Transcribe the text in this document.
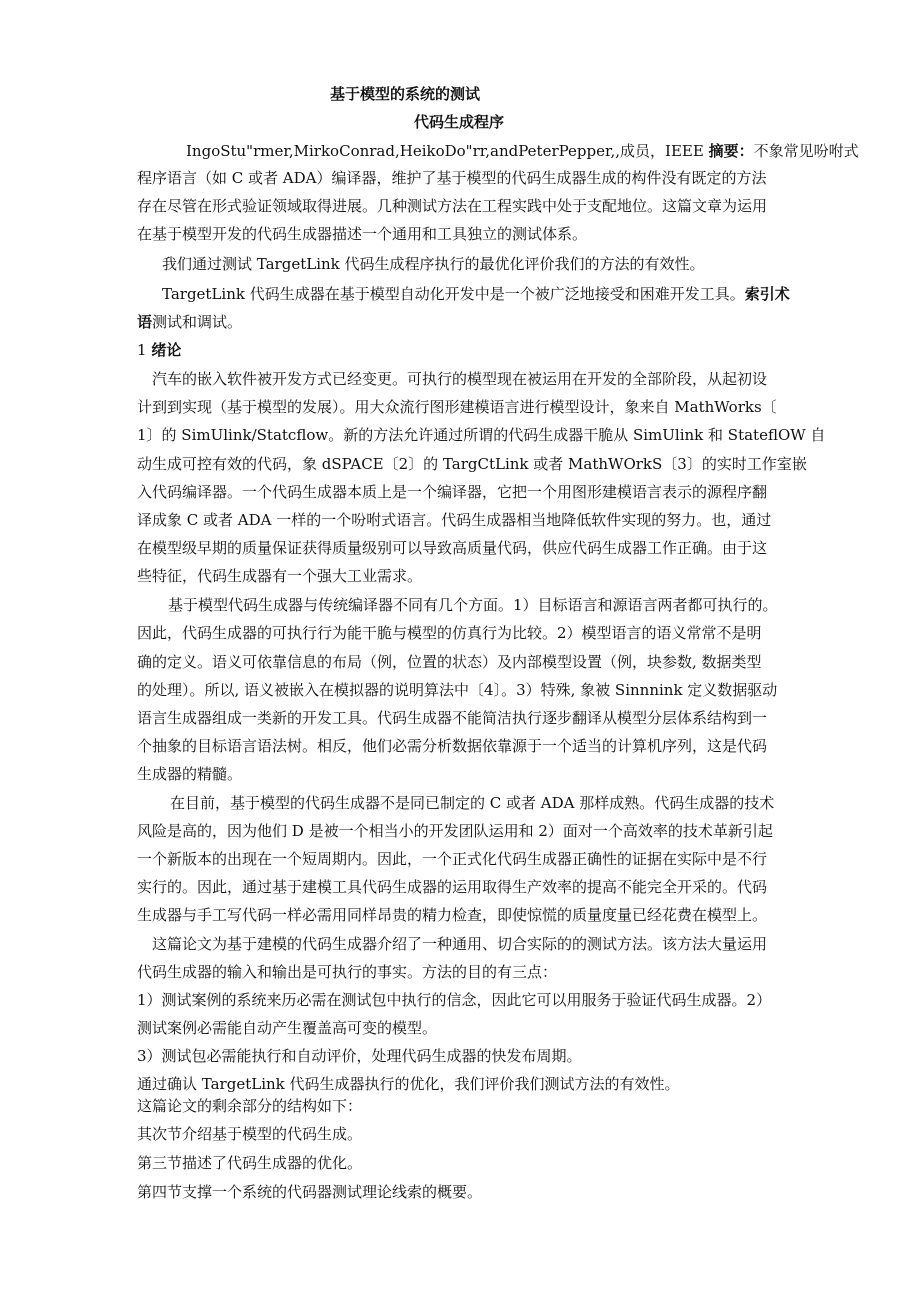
基于模型的系统的测试
代码生成程序
IngoStu"rmer,MirkoConrad,HeikoDo"rr,andPeterPepper,,成员，IEEE 摘要：不象常见吩咐式
程序语言（如 C 或者 ADA）编译器，维护了基于模型的代码生成器生成的构件没有既定的方法
存在尽管在形式验证领域取得进展。几种测试方法在工程实践中处于支配地位。这篇文章为运用
在基于模型开发的代码生成器描述一个通用和工具独立的测试体系。
我们通过测试 TargetLink 代码生成程序执行的最优化评价我们的方法的有效性。
TargetLink 代码生成器在基于模型自动化开发中是一个被广泛地接受和困难开发工具。索引术
语测试和调试。
1 绪论
汽车的嵌入软件被开发方式已经变更。可执行的模型现在被运用在开发的全部阶段，从起初设
计到到实现（基于模型的发展）。用大众流行图形建模语言进行模型设计，象来自 MathWorks〔
1〕的 SimUlink/Statcflow。新的方法允许通过所谓的代码生成器干脆从 SimUlink 和 StateflOW 自
动生成可控有效的代码，象 dSPACE〔2〕的 TargCtLink 或者 MathWOrkS〔3〕的实时工作室嵌
入代码编译器。一个代码生成器本质上是一个编译器，它把一个用图形建模语言表示的源程序翻
译成象 C 或者 ADA 一样的一个吩咐式语言。代码生成器相当地降低软件实现的努力。也，通过
在模型级早期的质量保证获得质量级别可以导致高质量代码，供应代码生成器工作正确。由于这
些特征，代码生成器有一个强大工业需求。
基于模型代码生成器与传统编译器不同有几个方面。1）目标语言和源语言两者都可执行的。
因此，代码生成器的可执行行为能干脆与模型的仿真行为比较。2）模型语言的语义常常不是明
确的定义。语义可依靠信息的布局（例，位置的状态）及内部模型设置（例，块参数, 数据类型
的处理）。所以, 语义被嵌入在模拟器的说明算法中〔4〕。3）特殊, 象被 Sinnnink 定义数据驱动
语言生成器组成一类新的开发工具。代码生成器不能简洁执行逐步翻译从模型分层体系结构到一
个抽象的目标语言语法树。相反，他们必需分析数据依靠源于一个适当的计算机序列，这是代码
生成器的精髓。
在目前，基于模型的代码生成器不是同已制定的 C 或者 ADA 那样成熟。代码生成器的技术
风险是高的，因为他们 D 是被一个相当小的开发团队运用和 2）面对一个高效率的技术革新引起
一个新版本的出现在一个短周期内。因此，一个正式化代码生成器正确性的证据在实际中是不行
实行的。因此，通过基于建模工具代码生成器的运用取得生产效率的提高不能完全开采的。代码
生成器与手工写代码一样必需用同样昂贵的精力检查，即使惊慌的质量度量已经花费在模型上。
这篇论文为基于建模的代码生成器介绍了一种通用、切合实际的的测试方法。该方法大量运用
代码生成器的输入和输出是可执行的事实。方法的目的有三点：
1）测试案例的系统来历必需在测试包中执行的信念，因此它可以用服务于验证代码生成器。2）
测试案例必需能自动产生覆盖高可变的模型。
3）测试包必需能执行和自动评价，处理代码生成器的快发布周期。
通过确认 TargetLink 代码生成器执行的优化，我们评价我们测试方法的有效性。
这篇论文的剩余部分的结构如下：
其次节介绍基于模型的代码生成。
第三节描述了代码生成器的优化。
第四节支撑一个系统的代码器测试理论线索的概要。
